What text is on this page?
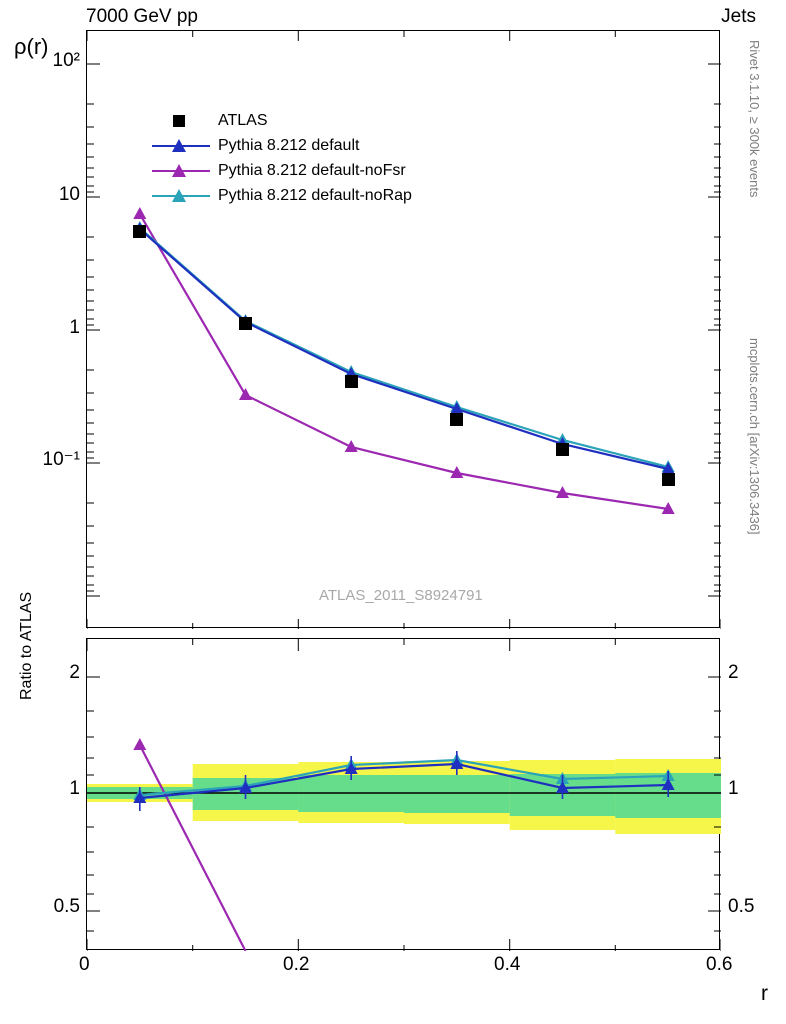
7000 GeV pp	Jets
Rivet 3.1.10, ≥ 300k events
mcplots.cern.ch [arXiv:1306.3436]
ρ(r)
ATLAS_2011_S8924791
10²
10
1
10⁻¹
ATLAS
Pythia 8.212 default
Pythia 8.212 default-noFsr
Pythia 8.212 default-noRap
2
1
0.5
2
1
0.5
Ratio to ATLAS
0	0.2	0.4	0.6
r
